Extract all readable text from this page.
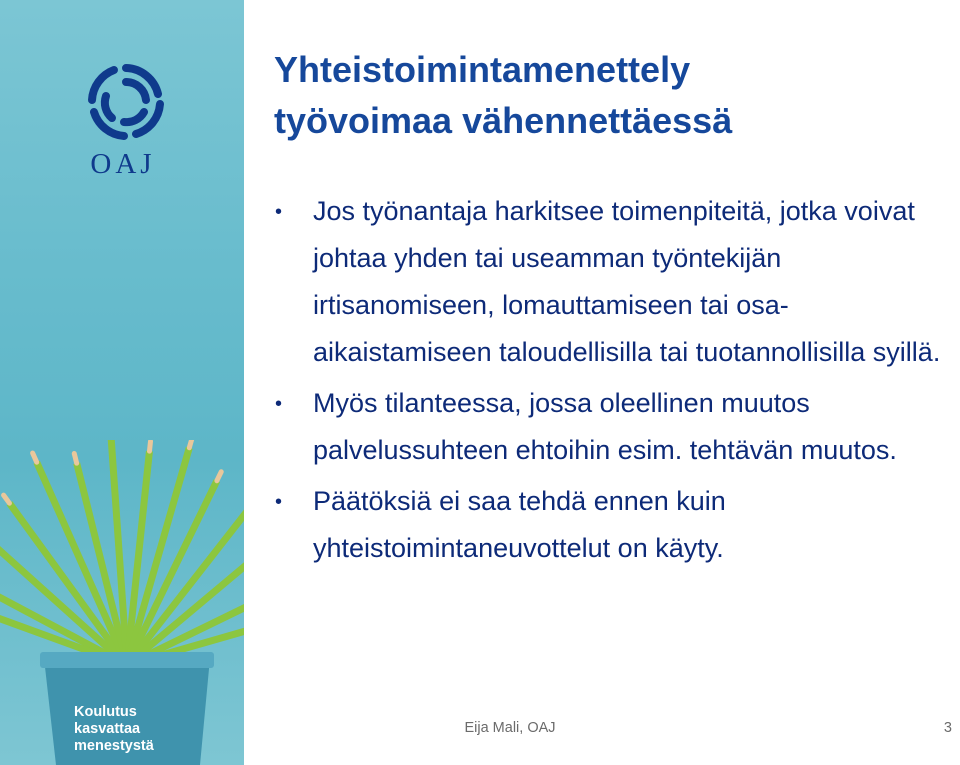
OAJ
Koulutus
kasvattaa
menestystä
Yhteistoimintamenettely
työvoimaa vähennettäessä
• Jos työnantaja harkitsee toimenpiteitä, jotka voivat johtaa yhden tai useamman työntekijän irtisanomiseen, lomauttamiseen tai osa-aikaistamiseen taloudellisilla tai tuotannollisilla syillä.
• Myös tilanteessa, jossa oleellinen muutos palvelussuhteen ehtoihin esim. tehtävän muutos.
• Päätöksiä ei saa tehdä ennen kuin yhteistoimintaneuvottelut on käyty.
Eija Mali, OAJ	3
